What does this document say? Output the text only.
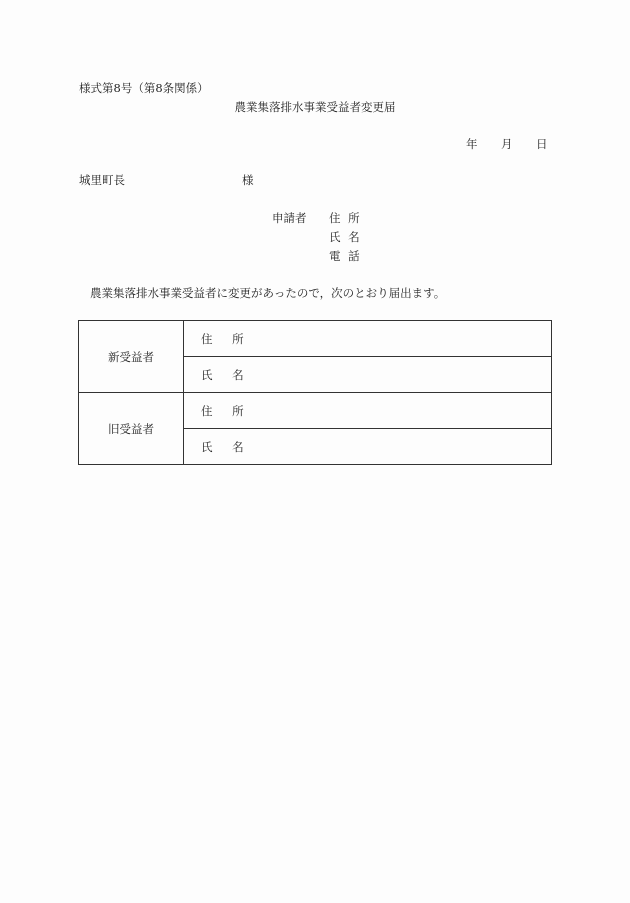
様式第8号（第8条関係）
農業集落排水事業受益者変更届
年 月 日
城里町長	様
申請者 住 所
氏 名
電 話
農業集落排水事業受益者に変更があったので，次のとおり届出ます。
新受益者	住 所
	氏 名
旧受益者	住 所
	氏 名
